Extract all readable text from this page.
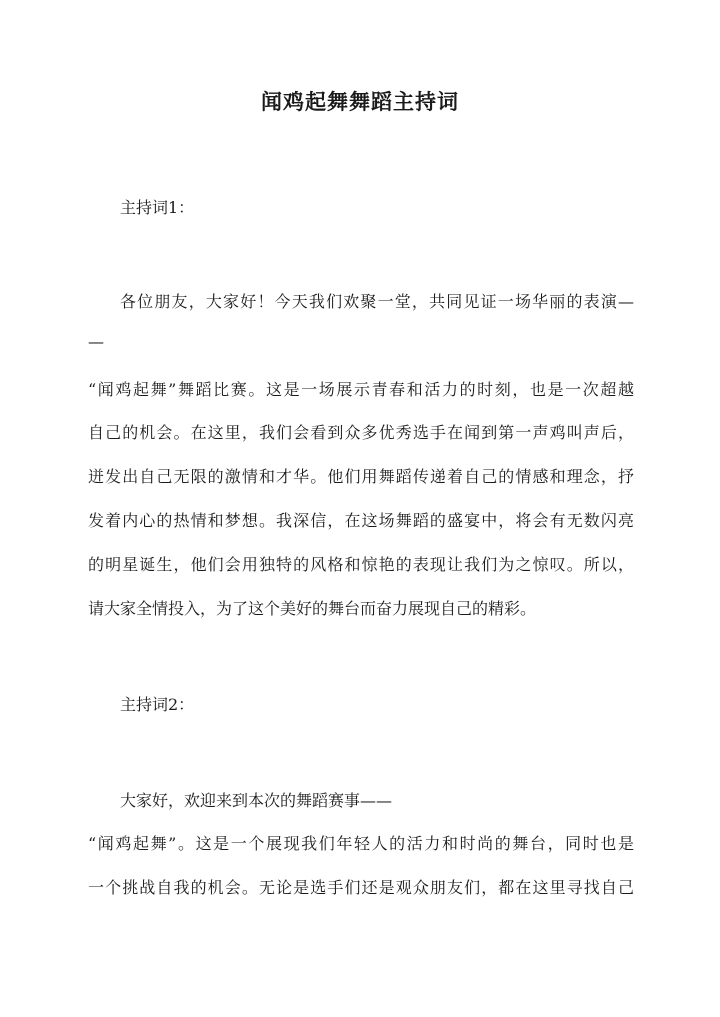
闻鸡起舞舞蹈主持词
主持词1：
各位朋友，大家好！今天我们欢聚一堂，共同见证一场华丽的表演—
—
“闻鸡起舞”舞蹈比赛。这是一场展示青春和活力的时刻，也是一次超越
自己的机会。在这里，我们会看到众多优秀选手在闻到第一声鸡叫声后，
迸发出自己无限的激情和才华。他们用舞蹈传递着自己的情感和理念，抒
发着内心的热情和梦想。我深信，在这场舞蹈的盛宴中，将会有无数闪亮
的明星诞生，他们会用独特的风格和惊艳的表现让我们为之惊叹。所以，
请大家全情投入，为了这个美好的舞台而奋力展现自己的精彩。
主持词2：
大家好，欢迎来到本次的舞蹈赛事——
“闻鸡起舞”。这是一个展现我们年轻人的活力和时尚的舞台，同时也是
一个挑战自我的机会。无论是选手们还是观众朋友们，都在这里寻找自己
